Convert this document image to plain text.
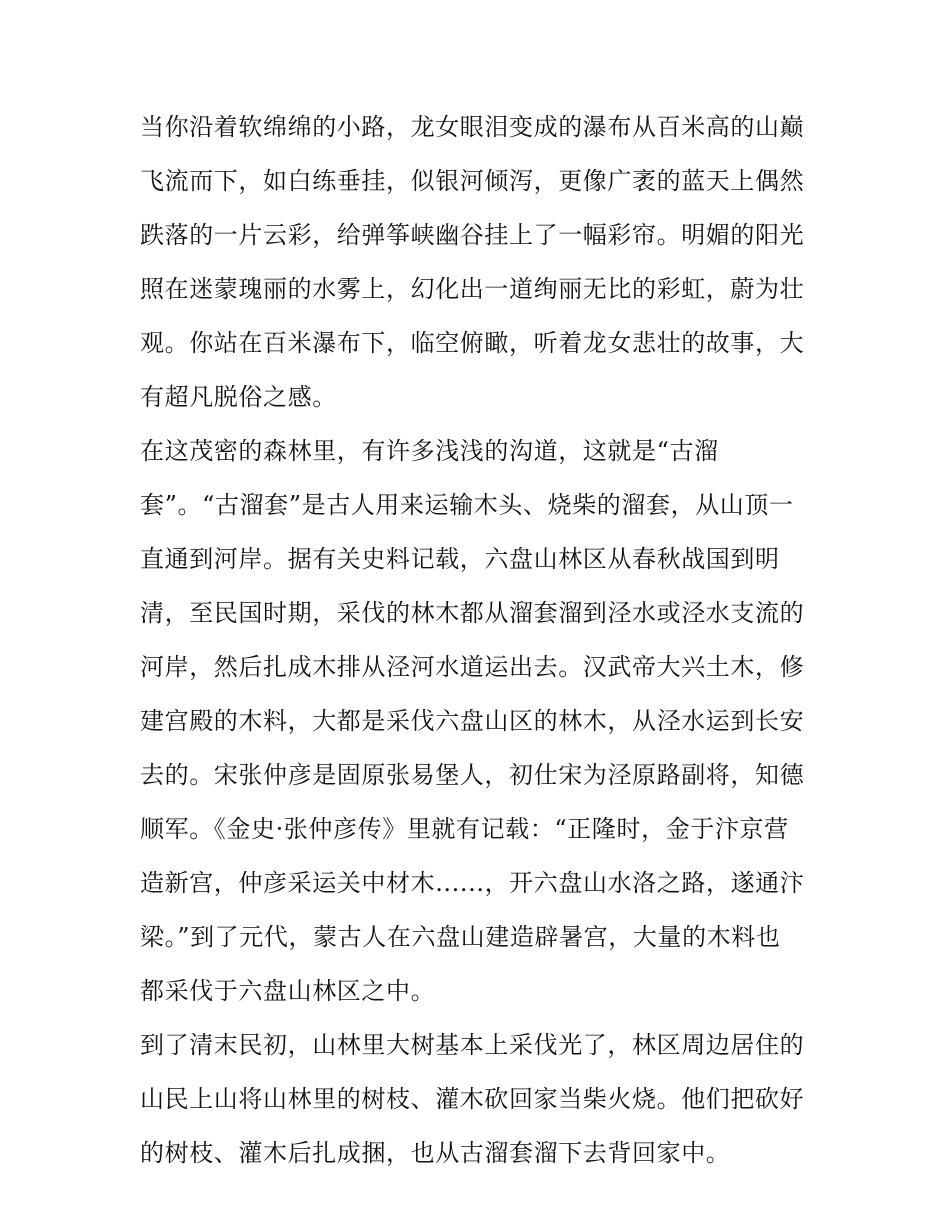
当你沿着软绵绵的小路，龙女眼泪变成的瀑布从百米高的山巅
飞流而下，如白练垂挂，似银河倾泻，更像广袤的蓝天上偶然
跌落的一片云彩，给弹筝峡幽谷挂上了一幅彩帘。明媚的阳光
照在迷蒙瑰丽的水雾上，幻化出一道绚丽无比的彩虹，蔚为壮
观。你站在百米瀑布下，临空俯瞰，听着龙女悲壮的故事，大
有超凡脱俗之感。
在这茂密的森林里，有许多浅浅的沟道，这就是“古溜
套”。“古溜套”是古人用来运输木头、烧柴的溜套，从山顶一
直通到河岸。据有关史料记载，六盘山林区从春秋战国到明
清，至民国时期，采伐的林木都从溜套溜到泾水或泾水支流的
河岸，然后扎成木排从泾河水道运出去。汉武帝大兴土木，修
建宫殿的木料，大都是采伐六盘山区的林木，从泾水运到长安
去的。宋张仲彦是固原张易堡人，初仕宋为泾原路副将，知德
顺军。《金史·张仲彦传》里就有记载：“正隆时，金于汴京营
造新宫，仲彦采运关中材木......，开六盘山水洛之路，遂通汴
梁。”到了元代，蒙古人在六盘山建造辟暑宫，大量的木料也
都采伐于六盘山林区之中。
到了清末民初，山林里大树基本上采伐光了，林区周边居住的
山民上山将山林里的树枝、灌木砍回家当柴火烧。他们把砍好
的树枝、灌木后扎成捆，也从古溜套溜下去背回家中。
